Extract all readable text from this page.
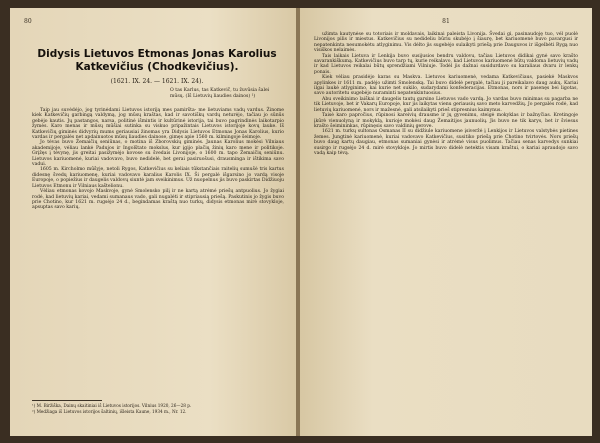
80
Didysis Lietuvos Etmonas Jonas Karolius Katkevičius (Chodkevičius).
(1621. IX. 24. — 1621. IX. 24).
O tas Karlus, tas Katkevič, tu žuvūsia šalei mūsų. (Iš Lietuvių liaudies dainos) ¹)

Taip jau suvėdėjo, jog tyrinėdami Lietuvos istoriją mes pamiršta- me lietuviams vadų vardus. Žinome kiek Katkevičių garbingą valdymą, jog mūsų kraštas, kad ir savotiškų vardų neturėjo, tačiau jo sūnūs gebėjo kautis. Jų pastangos, narsa, politinė išmintis ir kultūrinė istorija, tai buvo pagrindinės laikotarpio žymės. Karo menas ir mūsų mūšiai sutinka su viskuo pripažintais Lietuvos istorijoje kovų lauke. Iš Katkevičių giminės didvyrių mums geriausiai žinomas yra Didysis Lietuvos Etmonas Jonas Karolius, kurio vardas ir pergalės net apdainuotos mūsų liaudies dainose, gimęs apie 1560 m. kilmingoje šeimoje.

Jo tėvas buvo Žemaičių seniūnas, o motina iš Zborovskių giminės. Jaunas Karolius mokėsi Vilniaus akademijoje, vėliau lankė Padujos ir Ingolštato mokslus, kur įgijo plačių žinių karo mene ir politikoje. Grįžęs į tėvynę, jis greitai pasižymėjo kovose su švedais Livonijoje, o 1600 m. tapo Žemaičių seniūnu. Lietuvos kariuomenė, kuriai vadovavo, buvo nedidelė, bet gerai pasiruošusi, drausminga ir ištikima savo vadui.

1605 m. Kircholmo mūšyje, netoli Rygos, Katkevičius su keliais tūkstančiais raitelių sumušė tris kartus didesnę švedų kariuomenę, kuriai vadovavo karalius Karolis IX. Ši pergalė išgarsino jo vardą visoje Europoje, o popiežius ir daugelis valdovų siuntė jam sveikinimus. Už nuopelnus jis buvo paskirtas Didžiuoju Lietuvos Etmonu ir Vilniaus kaštelionu.

Vėliau etmonas kovojo Maskvoje, gynė Smolensko pilį ir ne kartą atrėmė priešų antpuolius. Jo žygiai rodė, kad lietuvių kariai, vedami sumanaus vado, gali nugalėti ir stipriausią priešą. Paskutinis jo žygis buvo prie Chotino, kur 1621 m. rugsėjo 24 d., begindamas kraštą nuo turkų, didysis etmonas mirė stovykloje, apsuptas savo karių.

¹) M. Biržiška, Dainų skaitiniai iš Lietuvos istorijos. Vilnius 1920, 26—28 p.
²) Medžiaga iš Lietuvos istorijos šaltinių, išleista Kaune, 1934 m., Nr. 12.
81

užimta kautynėse su totoriais ir moldavais, laikinai paleista Livonija. Švedai gi, pasinaudoję tuo, vėl puolė Livonijos pilis ir miestus. Katkevičius su nedideliu būriu skubėjo į šiaurę, bet kariuomenė buvo pavargusi ir nepatenkinta nesumokėtu atlyginimu. Vis dėlto jis sugebėjo sulaikyti priešą prie Dauguvos ir išgelbėti Rygą nuo visiškos nelaimės.

Tais laikais Lietuva ir Lenkija buvo susijusios bendru valdovu, tačiau Lietuvos didikai gynė savo krašto savarankiškumą. Katkevičius buvo tarp tų, kurie reikalavo, kad Lietuvos kariuomenė būtų valdoma lietuvių vadų ir kad Lietuvos reikalai būtų sprendžiami Vilniuje. Todėl jis dažnai susidurdavo su karaliaus dvaru ir lenkų ponais.

Kiek vėliau prasidėjo karas su Maskva. Lietuvos kariuomenė, vedama Katkevičiaus, pasiekė Maskvos apylinkes ir 1611 m. padėjo užimti Smolenską. Tai buvo didelė pergalė, tačiau ji pareikalavo daug aukų. Kariai ilgai laukė atlyginimo, kai kurie net sukilo, sudarydami konfederacijas. Etmonas, nors ir pasenęs bei ligotas, savo autoritetu sugebėjo nuraminti nepatenkintuosius.

Abu sveikinimo laiškai ir daugelis tautų garsino Lietuvos vado vardą. Jo vardas buvo minimas su pagarba ne tik Lietuvoje, bet ir Vakarų Europoje, kur jis laikytas vienu geriausių savo meto karvedžių. Jo pergalės rodė, kad lietuvių kariuomenė, nors ir mažesnė, gali atsilaikyti prieš stipresnius kaimynus.

Taisė karo papročius, rūpinosi kareivių drausme ir jų gyvenimu, steigė mokyklas ir bažnyčias. Kretingoje įkūrė vienuolyną ir mokyklą, kurioje mokėsi daug Žemaitijos jaunuolių. Jis buvo ne tik karys, bet ir šviesus krašto šeimininkas, rūpinęsis savo valdinių gerove.

1621 m. turkų sultonas Osmanas II su didžiule kariuomene įsiveržė į Lenkijos ir Lietuvos valstybės pietines žemes. Jungtinė kariuomenė, kuriai vadovavo Katkevičius, susitiko priešą prie Chotino tvirtovės. Nors priešų buvo daug kartų daugiau, etmonas sumaniai gynėsi ir atrėmė visus puolimus. Tačiau senas karvedys sunkiai susirgo ir rugsėjo 24 d. mirė stovykloje. Jo mirtis buvo didelė netektis visam kraštui, o kariai apraudojo savo vadą kaip tėvą.
